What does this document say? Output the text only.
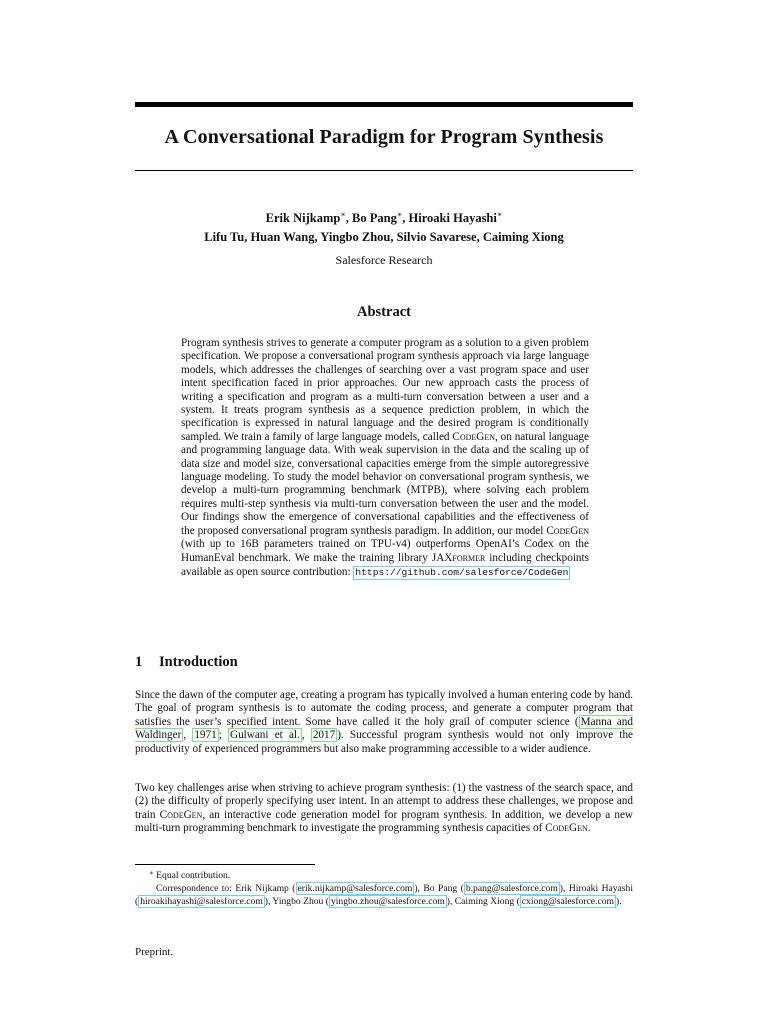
A Conversational Paradigm for Program Synthesis
Erik Nijkamp∗, Bo Pang∗, Hiroaki Hayashi∗
Lifu Tu, Huan Wang, Yingbo Zhou, Silvio Savarese, Caiming Xiong
Salesforce Research
Abstract
Program synthesis strives to generate a computer program as a solution to a given problem specification. We propose a conversational program synthesis approach via large language models, which addresses the challenges of searching over a vast program space and user intent specification faced in prior approaches. Our new approach casts the process of writing a specification and program as a multi-turn conversation between a user and a system. It treats program synthesis as a sequence prediction problem, in which the specification is expressed in natural language and the desired program is conditionally sampled. We train a family of large language models, called CodeGen, on natural language and programming language data. With weak supervision in the data and the scaling up of data size and model size, conversational capacities emerge from the simple autoregressive language modeling. To study the model behavior on conversational program synthesis, we develop a multi-turn programming benchmark (MTPB), where solving each problem requires multi-step synthesis via multi-turn conversation between the user and the model. Our findings show the emergence of conversational capabilities and the effectiveness of the proposed conversational program synthesis paradigm. In addition, our model CodeGen (with up to 16B parameters trained on TPU-v4) outperforms OpenAI’s Codex on the HumanEval benchmark. We make the training library JAXformer including checkpoints available as open source contribution: https://github.com/salesforce/CodeGen
1 Introduction
Since the dawn of the computer age, creating a program has typically involved a human entering code by hand. The goal of program synthesis is to automate the coding process, and generate a computer program that satisfies the user’s specified intent. Some have called it the holy grail of computer science ( Manna and Waldinger , 1971 ; Gulwani et al. , 2017 ). Successful program synthesis would not only improve the productivity of experienced programmers but also make programming accessible to a wider audience.
Two key challenges arise when striving to achieve program synthesis: (1) the vastness of the search space, and (2) the difficulty of properly specifying user intent. In an attempt to address these challenges, we propose and train CodeGen, an interactive code generation model for program synthesis. In addition, we develop a new multi-turn programming benchmark to investigate the programming synthesis capacities of CodeGen.
∗ Equal contribution.
Correspondence to: Erik Nijkamp ( erik.nijkamp@salesforce.com ), Bo Pang ( b.pang@salesforce.com ), Hiroaki Hayashi ( hiroakihayashi@salesforce.com ), Yingbo Zhou ( yingbo.zhou@salesforce.com ), Caiming Xiong ( cxiong@salesforce.com ).
Preprint.
